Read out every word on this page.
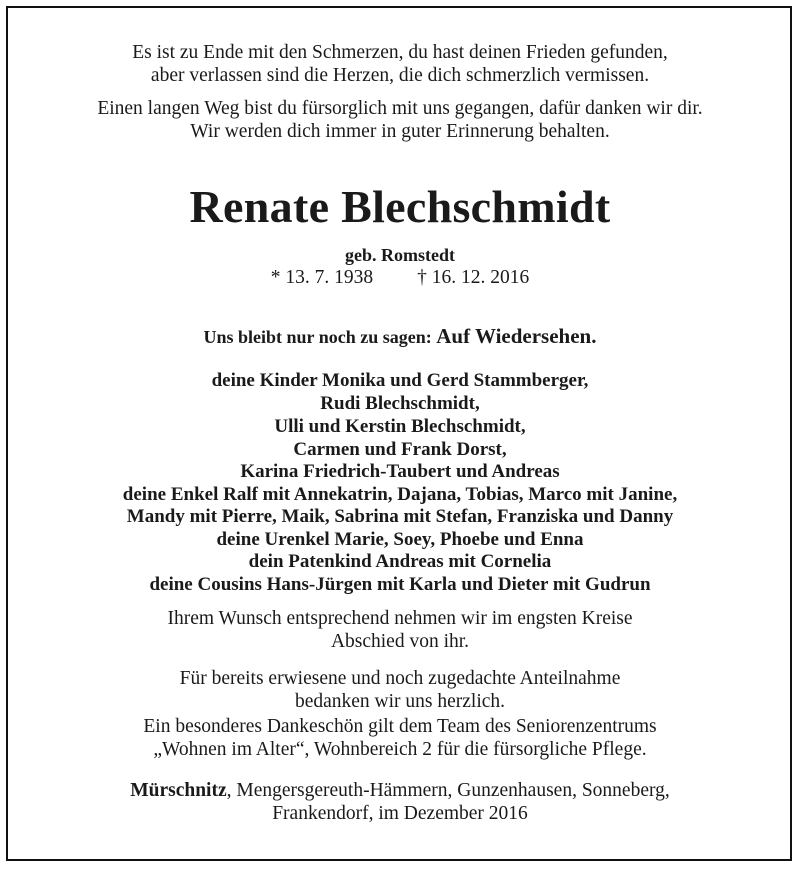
Es ist zu Ende mit den Schmerzen, du hast deinen Frieden gefunden,
aber verlassen sind die Herzen, die dich schmerzlich vermissen.
Einen langen Weg bist du fürsorglich mit uns gegangen, dafür danken wir dir.
Wir werden dich immer in guter Erinnerung behalten.
Renate Blechschmidt
geb. Romstedt
* 13. 7. 1938 † 16. 12. 2016
Uns bleibt nur noch zu sagen: Auf Wiedersehen.
deine Kinder Monika und Gerd Stammberger,
Rudi Blechschmidt,
Ulli und Kerstin Blechschmidt,
Carmen und Frank Dorst,
Karina Friedrich-Taubert und Andreas
deine Enkel Ralf mit Annekatrin, Dajana, Tobias, Marco mit Janine,
Mandy mit Pierre, Maik, Sabrina mit Stefan, Franziska und Danny
deine Urenkel Marie, Soey, Phoebe und Enna
dein Patenkind Andreas mit Cornelia
deine Cousins Hans-Jürgen mit Karla und Dieter mit Gudrun
Ihrem Wunsch entsprechend nehmen wir im engsten Kreise
Abschied von ihr.
Für bereits erwiesene und noch zugedachte Anteilnahme
bedanken wir uns herzlich.
Ein besonderes Dankeschön gilt dem Team des Seniorenzentrums
„Wohnen im Alter“, Wohnbereich 2 für die fürsorgliche Pflege.
Mürschnitz, Mengersgereuth-Hämmern, Gunzenhausen, Sonneberg,
Frankendorf, im Dezember 2016
